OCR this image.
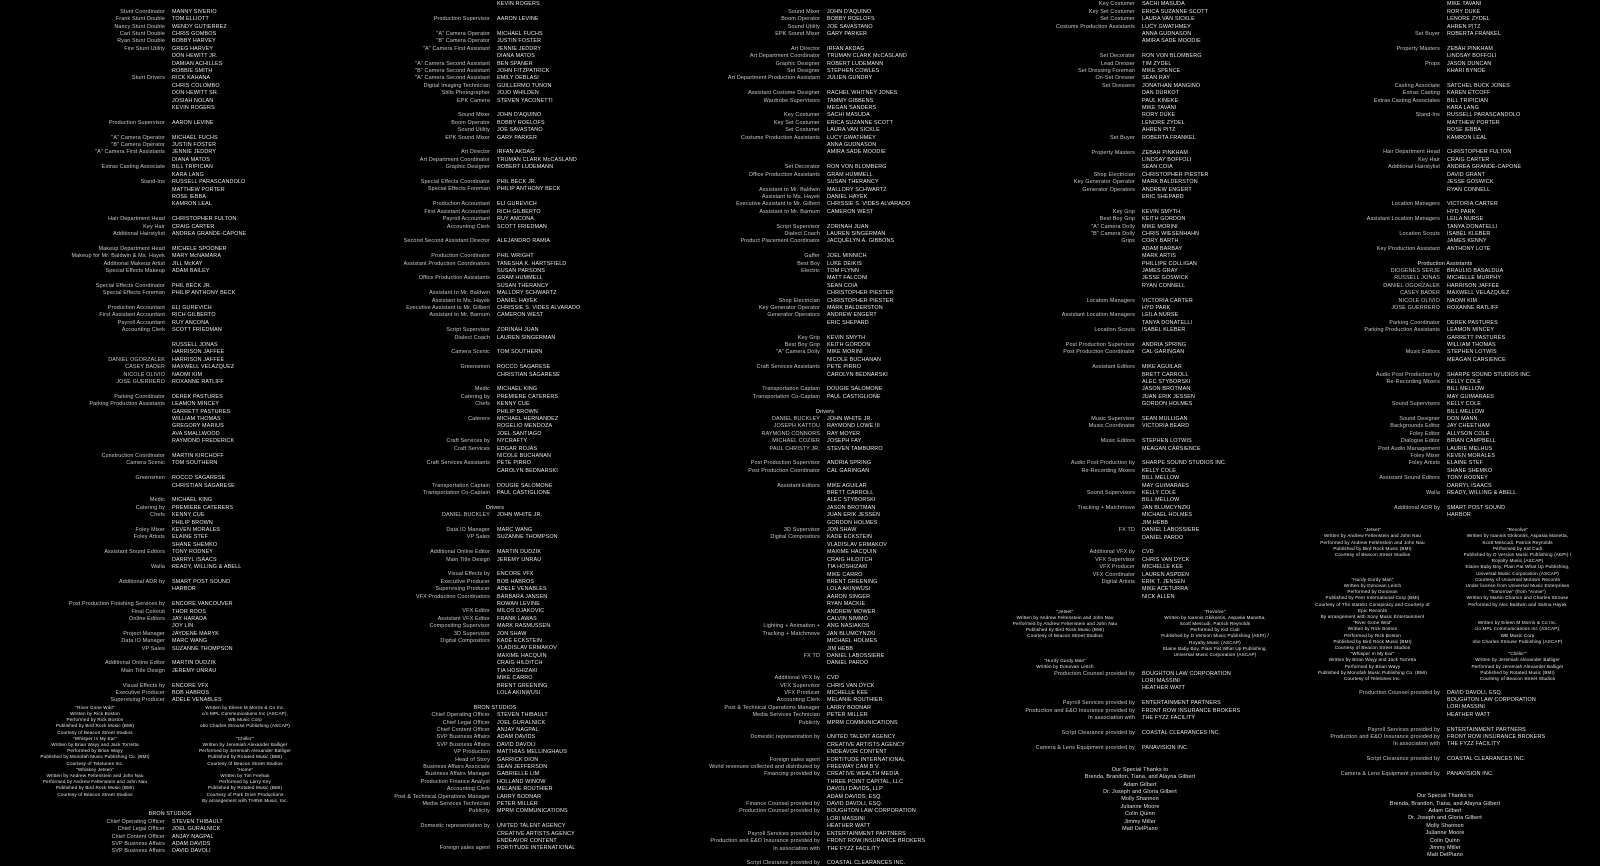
Stunt Coordinator	MANNY SIVERIO
Frank Stunt Double	TOM ELLIOTT
Nancy Stunt Double	WENDY GUTIERREZ
Carl Stunt Double	CHRIS GOMBOS
Ryan Stunt Double	BOBBY HARVEY
Fire Stunt Utility	GREG HARVEY
DON HEWITT JR.
DAMIAN ACHILLES
ROBBIE SMITH
Stunt Drivers	RICK KAHANA
CHRIS COLOMBO
DON HEWITT SR.
JOSIAH NOLAN
KEVIN ROGERS
Production Supervisor	AARON LEVINE
"A" Camera Operator	MICHAEL FUCHS
"B" Camera Operator	JUSTIN FOSTER
"A" Camera First Assistants	JENNIE JEDDRY
DIANA MATOS
Extras Casting Associate	BILL TRIPICIAN
KARA LANG
Stand-Ins	RUSSELL PARASCANDOLO
MATTHEW PORTER
ROSE IEBBA
KAMRON LEAL
Hair Department Head	CHRISTOPHER FULTON
Key Hair	CRAIG CARTER
Additional Hairstylist	ANDREA GRANDE-CAPONE
Makeup Department Head	MICHELE SPOONER
Makeup for Mr. Baldwin & Ms. Hayek	MARY McNAMARA
Additional Makeup Artist	JILL McKAY
Special Effects Makeup	ADAM BAILEY
Special Effects Coordinator	PHIL BECK JR.
Special Effects Foreman	PHILIP ANTHONY BECK
Production Accountant	ELI GUREVICH
First Assistant Accountant	RICH GILBERTO
Payroll Accountant	RUY ANCONA
Accounting Clerk	SCOTT FRIEDMAN
RUSSELL JONAS
HARRISON JAFFEE
DANIEL OGORZALEK	HARRISON JAFFEE
CASEY BADER	MAXWELL VELAZQUEZ
NICOLE OLIVIO	NAOMI KIM
JOSE GUERRERO	ROXANNE RATLIFF
Parking Coordinator	DEREK PASTURES
Parking Production Assistants	LEAMON MINCEY
GARRETT PASTURES
WILLIAM THOMAS
GREGORY MARIUS
AVA SMALLWOOD
RAYMOND FREDERICK
Construction Coordinator	MARTIN KIRCHOFF
Camera Scenic	TOM SOUTHERN
Greensmen	ROCCO SAGARESE
CHRISTIAN SAGARESE
Medic	MICHAEL KING
Catering by	PREMIERE CATERERS
Chefs	KENNY CUE
PHILIP BROWN
Foley Mixer	KEVEN MORALES
Foley Artists	ELAINE STEF
SHANE SHEMKO
Assistant Sound Editors	TONY RODNEY
DARRYL ISAACS
Walla	READY, WILLING & ABELL
Additional ADR by	SMART POST SOUND
HARBOR
Post Production Finishing Services by	ENCORE VANCOUVER
Final Colorist	THOR ROOS
Online Editors	JAY HARADA
JOY LIN
Project Manager	JAYDENE MARYK
Data IO Manager	MARC WANG
VP Sales	SUZANNE THOMPSON
Additional Online Editor	MARTIN DUDZIK
Main Title Design	JEREMY UNRAU
Visual Effects by	ENCORE VFX
Executive Producer	BOB HABROS
Supervising Producer	ADELE VENABLES
"River Gone Wild"
Written by Rick Boston
Performed by Rick Boston
Published by Bird Rock Music (BMI)
Courtesy of Beacon Street Studios
Written by Eileen M Morris & Co Inc.
c/o MPL Communications Inc (ASCAP),
WB Music Corp
obo Charles Strouse Publishing (ASCAP)
"Whisper In My Ear"
Written by Brian Wayy and Jack Torretta
Performed by Brian Wayy
Published by Monofah Music Publishing Co. (BMI)
Courtesy of Teletunes Inc.
"Chillin'"
Written by Jeremiah Alexander Balliger
Performed by Jeremiah Alexander Balliger
Published by Rotated Music (BMI)
Courtesy of Beacon Street Studios
"Whiskey Jetsen"
Written by Andrew Feltenstein and John Nau
Performed by Andrew Feltenstein and John Nau
Published by Bird Rock Music (BMI)
Courtesy of Beacon Street Studios
"Home"
Written by Tim Feehan
Performed by Larry Key
Published by Rotated Music (BMI)
Courtesy of Park Drive Productions
By arrangement with THINK Music, Inc.
BRON STUDIOS
Chief Operating Officer	STEVEN THIBAULT
Chief Legal Officer	JOEL GURALNICK
Chief Content Officer	ANJAY NAGPAL
SVP Business Affairs	ADAM DAVIDS
SVP Business Affairs	DAVID DAVOLI
KEVIN ROGERS
Production Supervisor	AARON LEVINE
"A" Camera Operator	MICHAEL FUCHS
"B" Camera Operator	JUSTIN FOSTER
"A" Camera First Assistant	JENNIE JEDDRY
DIANA MATOS
"A" Camera Second Assistant	BEN SPANER
"B" Camera Second Assistant	JOHN FITZPATRICK
"A" Camera Second Assistant	EMILY DEBLASI
Digital Imaging Technician	GUILLERMO TUNON
Stills Photographer	JOJO WHILDEN
EPK Camera	STEVEN YACONETTI
Sound Mixer	JOHN D'AQUINO
Boom Operator	BOBBY ROELOFS
Sound Utility	JOE SAVASTANO
EPK Sound Mixer	GARY PARKER
Art Director	IRFAN AKDAG
Art Department Coordinator	TRUMAN CLARK McCASLAND
Graphic Designer	ROBERT LUDEMANN
Special Effects Coordinator	PHIL BECK JR.
Special Effects Foreman	PHILIP ANTHONY BECK
Production Accountant	ELI GUREVICH
First Assistant Accountant	RICH GILBERTO
Payroll Accountant	RUY ANCONA
Accounting Clerk	SCOTT FRIEDMAN
Second Second Assistant Director	ALEJANDRO RAMIA
Production Coordinator	PHIL WRIGHT
Assistant Production Coordinators	TANESHA K. HARTSFIELD
SUSAN PARSONS
Office Production Assistants	GRAM HUMMELL
SUSAN THERANCY
Assistant to Mr. Baldwin	MALLORY SCHWARTZ
Assistant to Ms. Hayek	DANIEL HAYEK
Executive Assistant to Mr. Gilbert	CHRISSIE S. VIDES ALVARADO
Assistant to Mr. Barnum	CAMERON WEST
Script Supervisor	ZORINAH JUAN
Dialect Coach	LAUREN SINGERMAN
Camera Scenic	TOM SOUTHERN
Greensmen	ROCCO SAGARESE
CHRISTIAN SAGARESE
Medic	MICHAEL KING
Catering by	PREMIERE CATERERS
Chefs	KENNY CUE
PHILIP BROWN
Caterers	MICHAEL HERNANDEZ
ROGELIO MENDOZA
JOEL SANTIAGO
Craft Services by	NYCRAFTY
Craft Services	EDGAR ROJAS
NICOLE BUCHANAN
Craft Services Assistants	PETE PIRRO
CAROLYN BEDNARSKI
Transportation Captain	DOUGIE SALOMONE
Transportation Co-Captain	PAUL CASTIGLIONE
Drivers
DANIEL BUCKLEY	JOHN WHITE JR.
Data IO Manager	MARC WANG
VP Sales	SUZANNE THOMPSON
Additional Online Editor	MARTIN DUDZIK
Main Title Design	JEREMY UNRAU
Visual Effects by	ENCORE VFX
Executive Producer	BOB HABROS
Supervising Producer	ADELE VENABLES
VFX Production Coordinators	BARBARA JANSEN
ROWAN LEVINE
VFX Editor	MILOS DJAKOVIC
Assistant VFX Editor	FRANK LAWAS
Compositing Supervisor	MARK RASMUSSEN
3D Supervisor	JON SHAW
Digital Compositors	KADE ECKSTEIN
VLADISLAV ERMAKOV
MAXIME HACQUIN
CRAIG HILDITCH
TIA HOSHIZAKI
MIKE CARRO
BRENT GREENING
LOLA AKINWUSI
BRON STUDIOS
Chief Operating Officer	STEVEN THIBAULT
Chief Legal Officer	JOEL GURALNICK
Chief Content Officer	ANJAY NAGPAL
SVP Business Affairs	ADAM DAVIDS
SVP Business Affairs	DAVID DAVOLI
VP Production	MATTHIAS MELLINGHAUS
Head of Story	GARRICK DION
Business Affairs Associate	SEAN JEFFERSON
Business Affairs Manager	GABRIELLE LIM
Production Finance Analyst	HOLLAND WINOW
Accounting Clerk	MELANIE ROUTHIER
Post & Technical Operations Manager	LARRY BODNAR
Media Services Technician	PETER MILLER
Publicity	MPRM COMMUNICATIONS
Domestic representation by	UNITED TALENT AGENCY
CREATIVE ARTISTS AGENCY
ENDEAVOR CONTENT
Foreign sales agent	FORTITUDE INTERNATIONAL
Sound Mixer	JOHN D'AQUINO
Boom Operator	BOBBY ROELOFS
Sound Utility	JOE SAVASTANO
EPK Sound Mixer	GARY PARKER
Art Director	IRFAN AKDAG
Art Department Coordinator	TRUMAN CLARK McCASLAND
Graphic Designer	ROBERT LUDEMANN
Set Designer	STEPHEN COWLES
Art Department Production Assistant	JULIEN GUNDRY
Assistant Costume Designer	RACHEL WHITNEY JONES
Wardrobe Supervisors	TAMMY GIBBENS
MEGAN SANDERS
Key Costumer	SACHI MASUDA
Key Set Costumer	ERICA SUZANNE SCOTT
Set Costumer	LAURA VAN SICKLE
Costume Production Assistants	LUCY GWATHMEY
ANNA GUDNASON
AMIRA SADE MOODIE
Set Decorator	RON VON BLOMBERG
Office Production Assistants	GRAM HUMMELL
SUSAN THERANCY
Assistant to Mr. Baldwin	MALLORY SCHWARTZ
Assistant to Ms. Hayek	DANIEL HAYEK
Executive Assistant to Mr. Gilbert	CHRISSIE S. VIDES ALVARADO
Assistant to Mr. Barnum	CAMERON WEST
Script Supervisor	ZORINAH JUAN
Dialect Coach	LAUREN SINGERMAN
Product Placement Coordinator	JACQUELYN A. GIBBONS
Gaffer	JOEL MINNICH
Best Boy	LUKE DEIKIS
Electric	TOM FLYNN
MATT FALCONI
SEAN COIA
CHRISTOPHER PIESTER
Shop Electrician	CHRISTOPHER PIESTER
Key Generator Operator	MARK BALDERSTON
Generator Operators	ANDREW ENGERT
ERIC SHEPARD
Key Grip	KEVIN SMYTH
Best Boy Grip	KEITH GORDON
"A" Camera Dolly	MIKE MORINI
NICOLE BUCHANAN
Craft Services Assistants	PETE PIRRO
CAROLYN BEDNARSKI
Transportation Captain	DOUGIE SALOMONE
Transportation Co-Captain	PAUL CASTIGLIONE
Drivers
DANIEL BUCKLEY	JOHN WHITE JR.
JOSEPH KATTOU	RAYMOND LOWE III
RAYMOND CONNORS	RAY MOYER
MICHAEL COZIER	JOSEPH FAY
PAUL CHRISTY JR.	STEVEN TAMBURRO
Post Production Supervisor	ANDRIA SPRING
Post Production Coordinator	CAL GARINGAN
Assistant Editors	MIKE AGUILAR
BRETT CARROLL
ALEC STYBORSKI
JASON BROTMAN
JUAN ERIK JESSEN
GORDON HOLMES
3D Supervisor	JON SHAW
Digital Compositors	KADE ECKSTEIN
VLADISLAV ERMAKOV
MAXIME HACQUIN
CRAIG HILDITCH
TIA HOSHIZAKI
MIKE CARRO
BRENT GREENING
LOLA AKINWUSI
AARON SINGER
RYAN MACKIE
ANDREW MOWER
CALVIN NIMMO
Lighting + Animation +	ANG NASIAKOS
Tracking + Matchmove	JAN BLUMCYNZKI
MICHAEL HOLMES
JIM HEBB
FX TD	DANIEL LABOSSIERE
DANIEL PARDO
Additional VFX by	CVD
VFX Supervisor	CHRIS VAN DYCK
VFX Producer	MICHELLE KEE
Accounting Clerk	MELANIE ROUTHIER
Post & Technical Operations Manager	LARRY BODNAR
Media Services Technician	PETER MILLER
Publicity	MPRM COMMUNICATIONS
Domestic representation by	UNITED TALENT AGENCY
CREATIVE ARTISTS AGENCY
ENDEAVOR CONTENT
Foreign sales agent	FORTITUDE INTERNATIONAL
World revenues collected and distributed by	FREEWAY CAM B.V.
Financing provided by	CREATIVE WEALTH MEDIA
THREE POINT CAPITAL, LLC
DAVOLI DAVIDS, LLP
ADAM DAVIDS, ESQ.
Finance Counsel provided by	DAVID DAVOLI, ESQ.
Production Counsel provided by	BOUGHTON LAW CORPORATION
LORI MASSINI
HEATHER WATT
Payroll Services provided by	ENTERTAINMENT PARTNERS
Production and E&O Insurance provided by	FRONT ROW INSURANCE BROKERS
In association with	THE FYZZ FACILITY
Script Clearance provided by	COASTAL CLEARANCES INC.
Key Costumer	SACHI MASUDA
Key Set Costumer	ERICA SUZANNE SCOTT
Set Costumer	LAURA VAN SICKLE
Costume Production Assistants	LUCY GWATHMEY
ANNA GUDNASON
AMIRA SADE MOODIE
Set Decorator	RON VON BLOMBERG
Lead Dresser	TIM ZYDEL
Set Dressing Foreman	MIKE SPENCE
On-Set Dresser	SEAN RAY
Set Dressers	JONATHAN MANGINO
DAN DURKOT
PAUL KINEKE
MIKE TAVANI
RORY DUKE
LENORE ZYDEL
AHREN PITZ
Set Buyer	ROBERTA FRANKEL
Property Masters	ZEBAH PINKHAM
LINDSAY BOFFOLI
SEAN COIA
Shop Electrician	CHRISTOPHER PIESTER
Key Generator Operator	MARK BALDERSTON
Generator Operators	ANDREW ENGERT
ERIC SHEPARD
Key Grip	KEVIN SMYTH
Best Boy Grip	KEITH GORDON
"A" Camera Dolly	MIKE MORINI
"B" Camera Dolly	CHRIS WIESENHAHN
Grips	CORY BARTH
ADAM BARBAY
MARK ARTIS
PHILLIPE COLLIGAN
JAMES GRAY
JESSE GOSWICK
RYAN CONNELL
Location Managers	VICTORIA CARTER
HYD PARK
Assistant Location Managers	LEILA NURSE
TANYA DONATELLI
Location Scouts	ISABEL KLEBER
Post Production Supervisor	ANDRIA SPRING
Post Production Coordinator	CAL GARINGAN
Assistant Editors	MIKE AGUILAR
BRETT CARROLL
ALEC STYBORSKI
JASON BROTMAN
JUAN ERIK JESSEN
GORDON HOLMES
Music Supervisor	SEAN MULLIGAN
Music Coordinator	VICTORIA BEARD
Music Editors	STEPHEN LOTWIS
MEAGAN CARSIENCE
Audio Post Production by	SHARPE SOUND STUDIOS INC.
Re-Recording Mixers	KELLY COLE
BILL MELLOW
MAY GUIMARAES
Sound Supervisors	KELLY COLE
BILL MELLOW
Tracking + Matchmove	JAN BLUMCYNZKI
MICHAEL HOLMES
JIM HEBB
FX TD	DANIEL LABOSSIERE
DANIEL PARDO
Additional VFX by	CVD
VFX Supervisor	CHRIS VAN DYCK
VFX Producer	MICHELLE KEE
VFX Coordinator	LAUREN ASPDEN
Digital Artists	ERIK T. JENSEN
MIKE ACETURRA
NICK ALLEN
"Jetset"
Written by Andrew Feltenstein and John Nau
Performed by Andrew Feltenstein and John Nau
Published by Bird Rock Music (BMI)
Courtesy of Beacon Street Studios
"Revolve"
Written by Ioannis Gkikontis, Aspasia Manetta,
Scott Mescudi, Patrick Reynolds
Performed by Kid Cudi
Published by D Version Music Publishing (AEPI) /
Royalty Music (ASCAP)
Elaine Baby Boy, Plain Pat What Up Publishing,
Universal Music Corporation (ASCAP)
"Hurdy Gurdy Man"
Written by Donovan Leitch
Production Counsel provided by	BOUGHTON LAW CORPORATION
LORI MASSINI
HEATHER WATT
Payroll Services provided by	ENTERTAINMENT PARTNERS
Production and E&O Insurance provided by	FRONT ROW INSURANCE BROKERS
In association with	THE FYZZ FACILITY
Script Clearance provided by	COASTAL CLEARANCES INC.
Camera & Lens Equipment provided by	PANAVISION INC.
Our Special Thanks to
Brenda, Brandon, Tiana, and Alayna Gilbert
Adam Gilbert
Dr. Joseph and Gloria Gilbert
Molly Shannon
Julianne Moore
Colin Quinn
Jimmy Miller
Matt DelPiano
MIKE TAVANI
RORY DUKE
LENORE ZYDEL
AHREN PITZ
Set Buyer	ROBERTA FRANKEL
Property Masters	ZEBAH PINKHAM
LINDSAY BOFFOLI
Props	JASON DUNCAN
KHARI BYNOE
Casting Associate	SATCHEL BUCK JONES
Extras Casting	KAREN ETCOFF
Extras Casting Associates	BILL TRIPICIAN
KARA LANG
Stand-Ins	RUSSELL PARASCANDOLO
MATTHEW PORTER
ROSE IEBBA
KAMRON LEAL
Hair Department Head	CHRISTOPHER FULTON
Key Hair	CRAIG CARTER
Additional Hairstylist	ANDREA GRANDE-CAPONE
DAVID GRANT
JESSE GOSWICK
RYAN CONNELL
Location Managers	VICTORIA CARTER
HYD PARK
Assistant Location Managers	LEILA NURSE
TANYA DONATELLI
Location Scouts	ISABEL KLEBER
JAMES KENNY
Key Production Assistant	ANTHONY LOTE
Production Assistants
DIOGENES SERJE	BRAULIO BASALDUA
RUSSELL JONAS	MICHELLE MURPHY
DANIEL OGORZALEK	HARRISON JAFFEE
CASEY BADER	MAXWELL VELAZQUEZ
NICOLE OLIVIO	NAOMI KIM
JOSE GUERRERO	ROXANNE RATLIFF
Parking Coordinator	DEREK PASTURES
Parking Production Assistants	LEAMON MINCEY
GARRETT PASTURES
WILLIAM THOMAS
Music Editors	STEPHEN LOTWIS
MEAGAN CARSIENCE
Audio Post Production by	SHARPE SOUND STUDIOS INC.
Re-Recording Mixers	KELLY COLE
BILL MELLOW
MAY GUIMARAES
Sound Supervisors	KELLY COLE
BILL MELLOW
Sound Designer	DON MANN
Backgrounds Editor	JAY CHEETHAM
Foley Editor	ALLYSON COLE
Dialogue Editor	BRIAN CAMPBELL
Post Audio Management	LAURIE MELHUS
Foley Mixer	KEVEN MORALES
Foley Artists	ELAINE STEF
SHANE SHEMKO
Assistant Sound Editors	TONY RODNEY
DARRYL ISAACS
Walla	READY, WILLING & ABELL
Additional ADR by	SMART POST SOUND
HARBOR
"Jetset"
Written by Andrew Feltenstein and John Nau
Performed by Andrew Feltenstein and John Nau
Published by Bird Rock Music (BMI)
Courtesy of Beacon Street Studios
"Revolve"
Written by Ioannis Gkikontis, Aspasia Manetta,
Scott Mescudi, Patrick Reynolds
Performed by Kid Cudi
Published by D Version Music Publishing (AEPI) /
Royalty Music (ASCAP)
Elaine Baby Boy, Plain Pat What Up Publishing,
Universal Music Corporation (ASCAP)
"Hurdy Gurdy Man"
Written by Donovan Leitch
Performed by Donovan
Published by Peer International Corp (BMI)
Courtesy of The state51 Conspiracy and Courtesy of
Epic Records
By arrangement with Sony Music Entertainment
Courtesy of Universal Motown Records
Under license from Universal Music Enterprises
"Tomorrow" (from "Annie")
Written by Martin Charnin and Charles Strouse
Performed by Alec Baldwin and Salma Hayek
"River Gone Wild"
Written by Rick Boston
Performed by Rick Boston
Published by Bird Rock Music (BMI)
Courtesy of Beacon Street Studios
Written by Eileen M Morris & Co Inc.
c/o MPL Communications Inc (ASCAP),
WB Music Corp
obo Charles Strouse Publishing (ASCAP)
"Whisper In My Ear"
Written by Brian Wayy and Jack Torretta
Performed by Brian Wayy
Published by Monofah Music Publishing Co. (BMI)
Courtesy of Teletunes Inc.
"Chillin'"
Written by Jeremiah Alexander Balliger
Performed by Jeremiah Alexander Balliger
Published by Rotated Music (BMI)
Courtesy of Beacon Street Studios
Production Counsel provided by	DAVID DAVOLI, ESQ.
BOUGHTON LAW CORPORATION
LORI MASSINI
HEATHER WATT
Payroll Services provided by	ENTERTAINMENT PARTNERS
Production and E&O Insurance provided by	FRONT ROW INSURANCE BROKERS
In association with	THE FYZZ FACILITY
Script Clearance provided by	COASTAL CLEARANCES INC.
Camera & Lens Equipment provided by	PANAVISION INC.
Our Special Thanks to
Brenda, Brandon, Tiana, and Alayna Gilbert
Adam Gilbert
Dr. Joseph and Gloria Gilbert
Molly Shannon
Julianne Moore
Colin Quinn
Jimmy Miller
Matt DelPiano
